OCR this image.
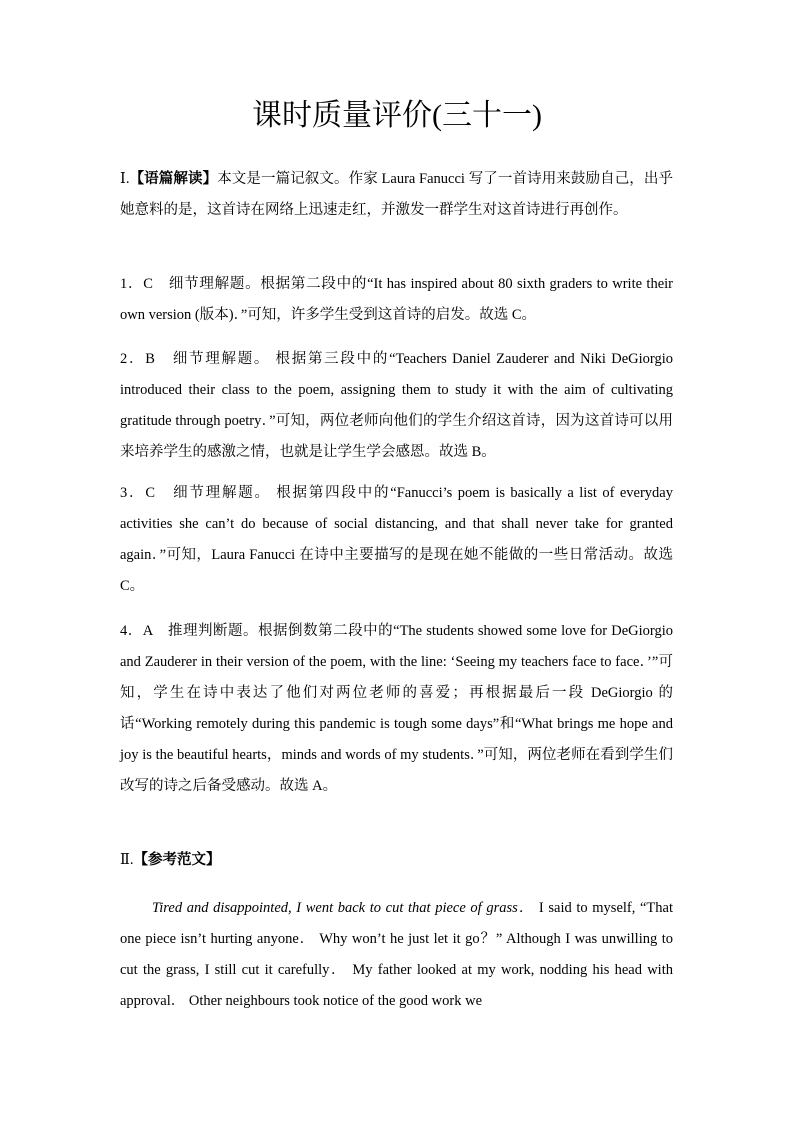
课时质量评价(三十一)
Ⅰ.【语篇解读】本文是一篇记叙文。作家 Laura Fanucci 写了一首诗用来鼓励自己，出乎她意料的是，这首诗在网络上迅速走红，并激发一群学生对这首诗进行再创作。
1．C　细节理解题。根据第二段中的“It has inspired about 80 sixth graders to write their own version (版本)．”可知，许多学生受到这首诗的启发。故选 C。
2．B　细节理解题。 根据第三段中的“Teachers Daniel Zauderer and Niki DeGiorgio introduced their class to the poem, assigning them to study it with the aim of cultivating gratitude through poetry．”可知，两位老师向他们的学生介绍这首诗，因为这首诗可以用来培养学生的感激之情，也就是让学生学会感恩。故选 B。
3．C　细节理解题。 根据第四段中的“Fanucci’s poem is basically a list of everyday activities she can’t do because of social distancing, and that shall never take for granted again．”可知，Laura Fanucci 在诗中主要描写的是现在她不能做的一些日常活动。故选 C。
4．A　推理判断题。根据倒数第二段中的“The students showed some love for DeGiorgio and Zauderer in their version of the poem, with the line: ‘Seeing my teachers face to face．’”可知，学生在诗中表达了他们对两位老师的喜爱；再根据最后一段 DeGiorgio 的话“Working remotely during this pandemic is tough some days”和“What brings me hope and joy is the beautiful hearts，minds and words of my students．”可知，两位老师在看到学生们改写的诗之后备受感动。故选 A。
Ⅱ.【参考范文】
Tired and disappointed, I went back to cut that piece of grass． I said to myself, “That one piece isn’t hurting anyone． Why won’t he just let it go？” Although I was unwilling to cut the grass, I still cut it carefully． My father looked at my work, nodding his head with approval． Other neighbours took notice of the good work we
